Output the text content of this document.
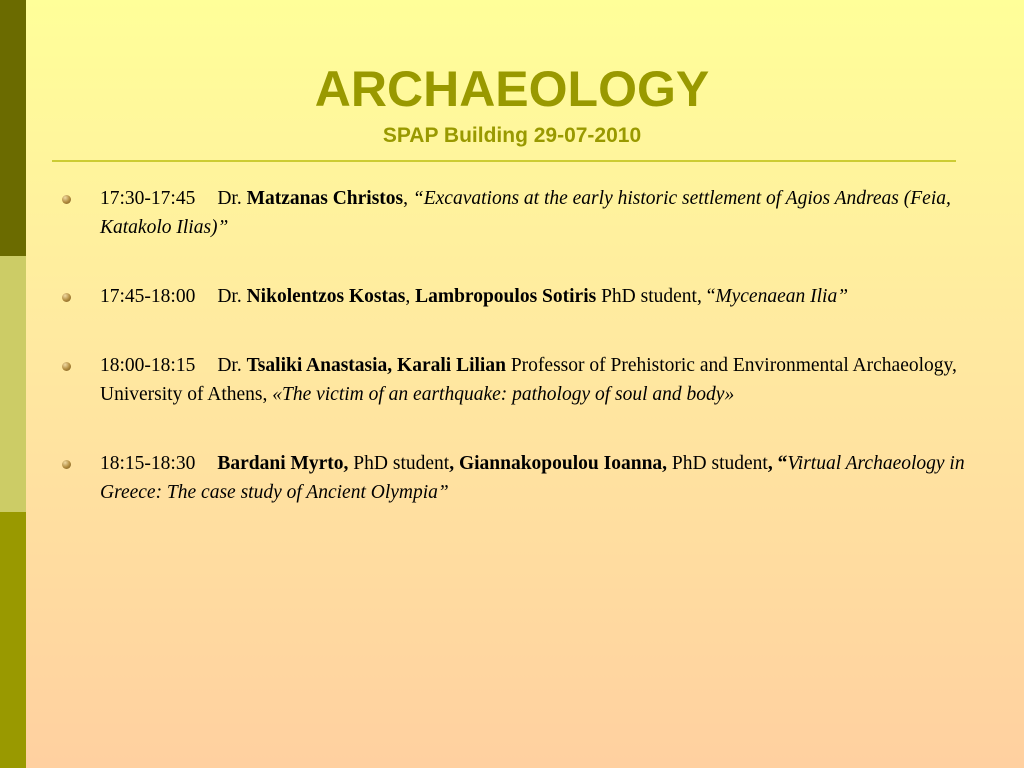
ARCHAEOLOGY
SPAP Building 29-07-2010
17:30-17:45 Dr. Matzanas Christos, “Excavations at the early historic settlement of Agios Andreas (Feia, Katakolo Ilias)”
17:45-18:00 Dr. Nikolentzos Kostas, Lambropoulos Sotiris PhD student, “Mycenaean Ilia”
18:00-18:15 Dr. Tsaliki Anastasia, Karali Lilian Professor of Prehistoric and Environmental Archaeology, University of Athens, «The victim of an earthquake: pathology of soul and body»
18:15-18:30 Bardani Myrto, PhD student, Giannakopoulou Ioanna, PhD student, “Virtual Archaeology in Greece: The case study of Ancient Olympia”
